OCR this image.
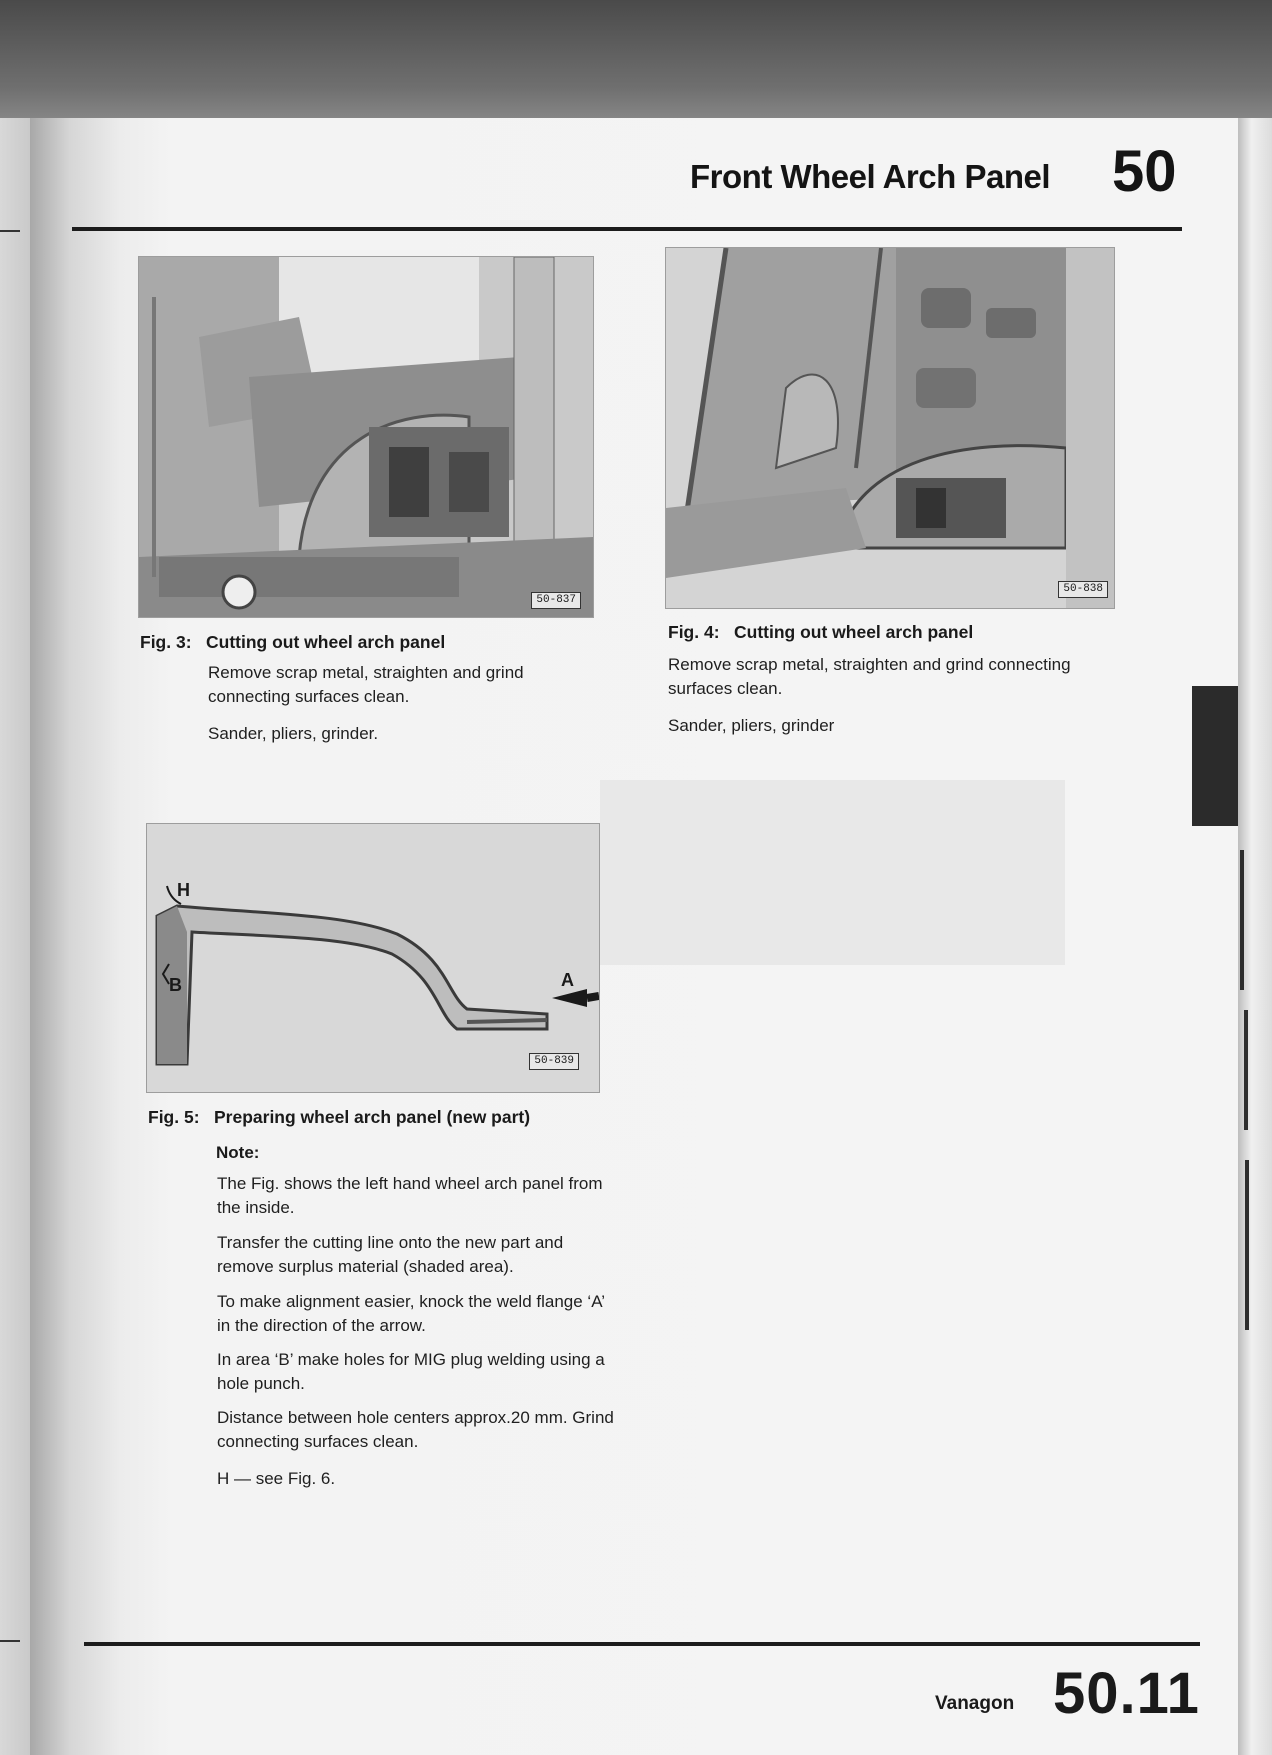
Front Wheel Arch Panel 50
50-837
Fig. 3: Cutting out wheel arch panel
Remove scrap metal, straighten and grind connecting surfaces clean.
Sander, pliers, grinder.
50-838
Fig. 4: Cutting out wheel arch panel
Remove scrap metal, straighten and grind connecting surfaces clean.
Sander, pliers, grinder
H
B	A
50-839
Fig. 5: Preparing wheel arch panel (new part)
Note:
The Fig. shows the left hand wheel arch panel from the inside.
Transfer the cutting line onto the new part and remove surplus material (shaded area).
To make alignment easier, knock the weld flange ‘A’ in the direction of the arrow.
In area ‘B’ make holes for MIG plug welding using a hole punch.
Distance between hole centers approx.20 mm. Grind connecting surfaces clean.
H — see Fig. 6.
Vanagon 50.11
